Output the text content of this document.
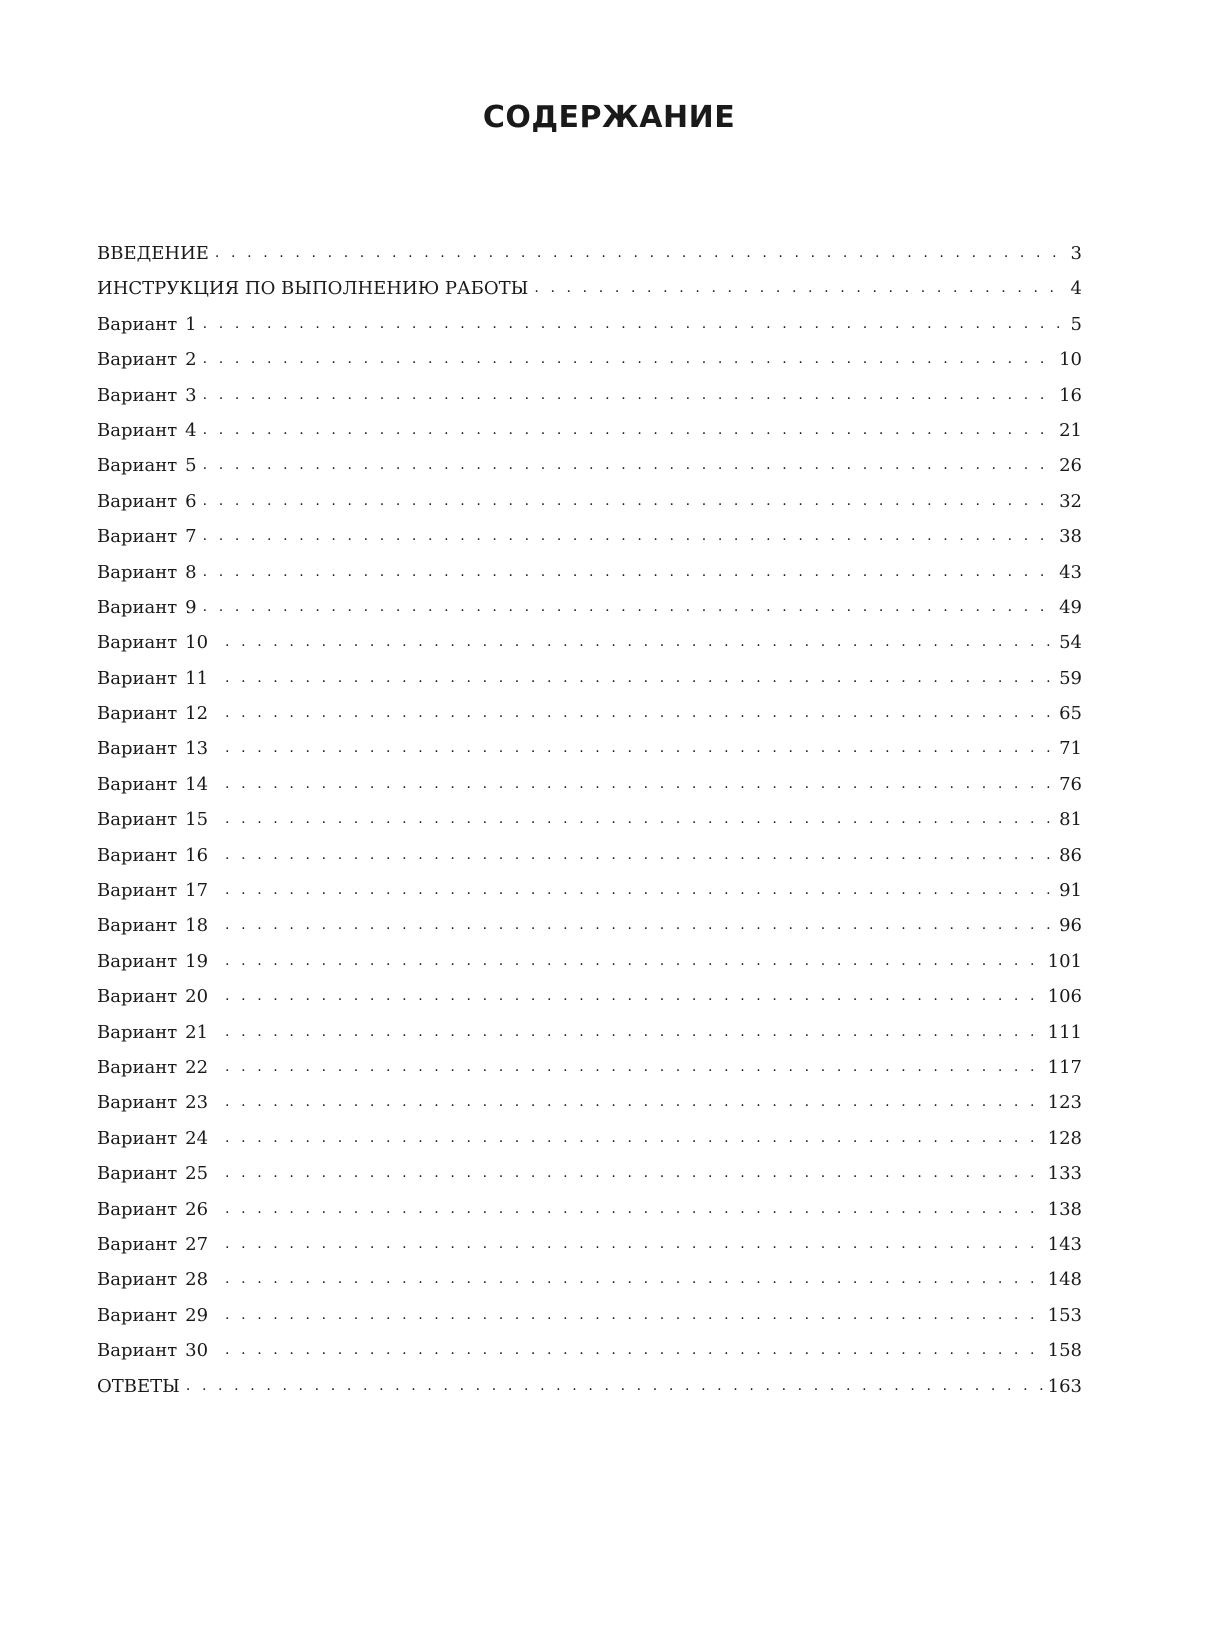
СОДЕРЖАНИЕ
ВВЕДЕНИЕ . . .	3
ИНСТРУКЦИЯ ПО ВЫПОЛНЕНИЮ РАБОТЫ . . .	4
Вариант 1 . . .	5
Вариант 2 . . .	10
Вариант 3 . . .	16
Вариант 4 . . .	21
Вариант 5 . . .	26
Вариант 6 . . .	32
Вариант 7 . . .	38
Вариант 8 . . .	43
Вариант 9 . . .	49
Вариант 10 . . .	54
Вариант 11 . . .	59
Вариант 12 . . .	65
Вариант 13 . . .	71
Вариант 14 . . .	76
Вариант 15 . . .	81
Вариант 16 . . .	86
Вариант 17 . . .	91
Вариант 18 . . .	96
Вариант 19 . . .	101
Вариант 20 . . .	106
Вариант 21 . . .	111
Вариант 22 . . .	117
Вариант 23 . . .	123
Вариант 24 . . .	128
Вариант 25 . . .	133
Вариант 26 . . .	138
Вариант 27 . . .	143
Вариант 28 . . .	148
Вариант 29 . . .	153
Вариант 30 . . .	158
ОТВЕТЫ . . .	163
